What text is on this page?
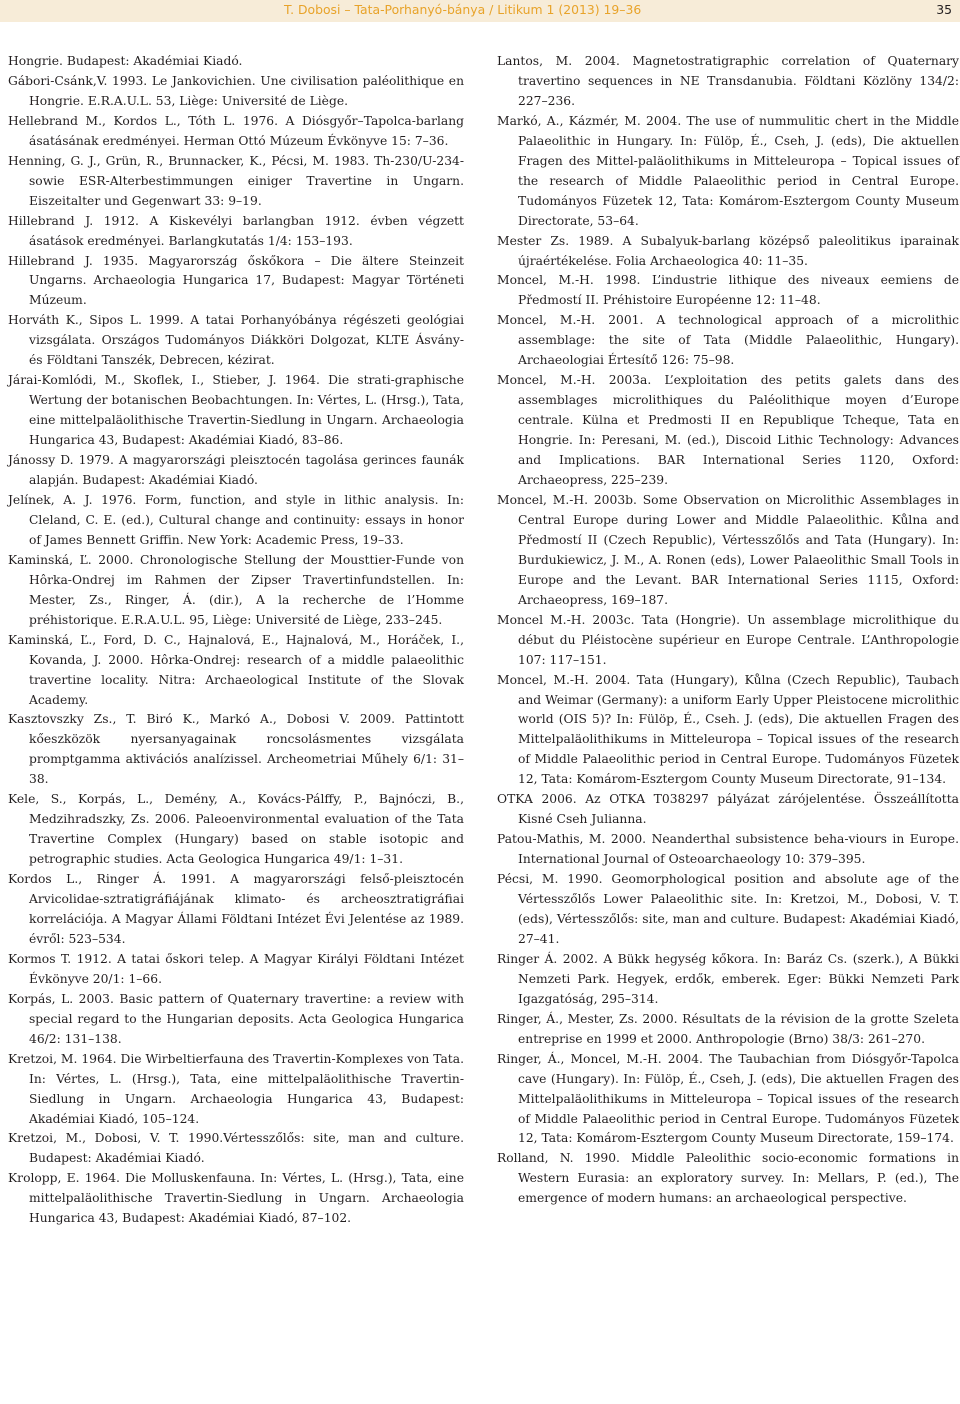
T. Dobosi – Tata-Porhanyó-bánya / Litikum 1 (2013) 19–36	35
Hongrie. Budapest: Akadémiai Kiadó.
Gábori-Csánk,V. 1993. Le Jankovichien. Une civilisation paléolithique en Hongrie. E.R.A.U.L. 53, Liège: Université de Liège.
Hellebrand M., Kordos L., Tóth L. 1976. A Diósgyőr–Tapolca-barlang ásatásának eredményei. Herman Ottó Múzeum Évkönyve 15: 7–36.
Henning, G. J., Grün, R., Brunnacker, K., Pécsi, M. 1983. Th-230/U-234- sowie ESR-Alterbestimmungen einiger Travertine in Ungarn. Eiszeitalter und Gegenwart 33: 9–19.
Hillebrand J. 1912. A Kiskevélyi barlangban 1912. évben végzett ásatások eredményei. Barlangkutatás 1/4: 153–193.
Hillebrand J. 1935. Magyarország őskőkora – Die ältere Steinzeit Ungarns. Archaeologia Hungarica 17, Budapest: Magyar Történeti Múzeum.
Horváth K., Sipos L. 1999. A tatai Porhanyóbánya régészeti geológiai vizsgálata. Országos Tudományos Diákköri Dolgozat, KLTE Ásvány- és Földtani Tanszék, Debrecen, kézirat.
Járai-Komlódi, M., Skoflek, I., Stieber, J. 1964. Die strati-graphische Wertung der botanischen Beobachtungen. In: Vértes, L. (Hrsg.), Tata, eine mittelpaläolithische Travertin-Siedlung in Ungarn. Archaeologia Hungarica 43, Budapest: Akadémiai Kiadó, 83–86.
Jánossy D. 1979. A magyarországi pleisztocén tagolása gerinces faunák alapján. Budapest: Akadémiai Kiadó.
Jelínek, A. J. 1976. Form, function, and style in lithic analysis. In: Cleland, C. E. (ed.), Cultural change and continuity: essays in honor of James Bennett Griffin. New York: Academic Press, 19–33.
Kaminská, Ľ. 2000. Chronologische Stellung der Mousttier-Funde von Hôrka-Ondrej im Rahmen der Zipser Travertinfundstellen. In: Mester, Zs., Ringer, Á. (dir.), A la recherche de l’Homme préhistorique. E.R.A.U.L. 95, Liège: Université de Liège, 233–245.
Kaminská, Ľ., Ford, D. C., Hajnalová, E., Hajnalová, M., Horáček, I., Kovanda, J. 2000. Hôrka-Ondrej: research of a middle palaeolithic travertine locality. Nitra: Archaeological Institute of the Slovak Academy.
Kasztovszky Zs., T. Biró K., Markó A., Dobosi V. 2009. Pattintott kőeszközök nyersanyagainak roncsolásmentes vizsgálata promptgamma aktivációs analízissel. Archeometriai Műhely 6/1: 31–38.
Kele, S., Korpás, L., Demény, A., Kovács-Pálffy, P., Bajnóczi, B., Medzihradszky, Zs. 2006. Paleoenvironmental evaluation of the Tata Travertine Complex (Hungary) based on stable isotopic and petrographic studies. Acta Geologica Hungarica 49/1: 1–31.
Kordos L., Ringer Á. 1991. A magyarországi felső-pleisztocén Arvicolidae-sztratigráfiájának klimato- és archeosztratigráfiai korrelációja. A Magyar Állami Földtani Intézet Évi Jelentése az 1989. évről: 523–534.
Kormos T. 1912. A tatai őskori telep. A Magyar Királyi Földtani Intézet Évkönyve 20/1: 1–66.
Korpás, L. 2003. Basic pattern of Quaternary travertine: a review with special regard to the Hungarian deposits. Acta Geologica Hungarica 46/2: 131–138.
Kretzoi, M. 1964. Die Wirbeltierfauna des Travertin-Komplexes von Tata. In: Vértes, L. (Hrsg.), Tata, eine mittelpaläolithische Travertin-Siedlung in Ungarn. Archaeologia Hungarica 43, Budapest: Akadémiai Kiadó, 105–124.
Kretzoi, M., Dobosi, V. T. 1990.Vértesszőlős: site, man and culture. Budapest: Akadémiai Kiadó.
Krolopp, E. 1964. Die Molluskenfauna. In: Vértes, L. (Hrsg.), Tata, eine mittelpaläolithische Travertin-Siedlung in Ungarn. Archaeologia Hungarica 43, Budapest: Akadémiai Kiadó, 87–102.
Lantos, M. 2004. Magnetostratigraphic correlation of Quaternary travertino sequences in NE Transdanubia. Földtani Közlöny 134/2: 227–236.
Markó, A., Kázmér, M. 2004. The use of nummulitic chert in the Middle Palaeolithic in Hungary. In: Fülöp, É., Cseh, J. (eds), Die aktuellen Fragen des Mittel-paläolithikums in Mitteleuropa – Topical issues of the research of Middle Palaeolithic period in Central Europe. Tudományos Füzetek 12, Tata: Komárom-Esztergom County Museum Directorate, 53–64.
Mester Zs. 1989. A Subalyuk-barlang középső paleolitikus iparainak újraértékelése. Folia Archaeologica 40: 11–35.
Moncel, M.-H. 1998. L’industrie lithique des niveaux eemiens de Předmostí II. Préhistoire Européenne 12: 11–48.
Moncel, M.-H. 2001. A technological approach of a microlithic assemblage: the site of Tata (Middle Palaeolithic, Hungary). Archaeologiai Értesítő 126: 75–98.
Moncel, M.-H. 2003a. L’exploitation des petits galets dans des assemblages microlithiques du Paléolithique moyen d’Europe centrale. Külna et Predmosti II en Republique Tcheque, Tata en Hongrie. In: Peresani, M. (ed.), Discoid Lithic Technology: Advances and Implications. BAR International Series 1120, Oxford: Archaeopress, 225–239.
Moncel, M.-H. 2003b. Some Observation on Microlithic Assemblages in Central Europe during Lower and Middle Palaeolithic. Kůlna and Předmostí II (Czech Republic), Vértesszőlős and Tata (Hungary). In: Burdukiewicz, J. M., A. Ronen (eds), Lower Palaeolithic Small Tools in Europe and the Levant. BAR International Series 1115, Oxford: Archaeopress, 169–187.
Moncel M.-H. 2003c. Tata (Hongrie). Un assemblage microlithique du début du Pléistocène supérieur en Europe Centrale. L’Anthropologie 107: 117–151.
Moncel, M.-H. 2004. Tata (Hungary), Kůlna (Czech Republic), Taubach and Weimar (Germany): a uniform Early Upper Pleistocene microlithic world (OIS 5)? In: Fülöp, É., Cseh. J. (eds), Die aktuellen Fragen des Mittelpaläolithikums in Mitteleuropa – Topical issues of the research of Middle Palaeolithic period in Central Europe. Tudományos Füzetek 12, Tata: Komárom-Esztergom County Museum Directorate, 91–134.
OTKA 2006. Az OTKA T038297 pályázat zárójelentése. Összeállította Kisné Cseh Julianna.
Patou-Mathis, M. 2000. Neanderthal subsistence beha-viours in Europe. International Journal of Osteoarchaeology 10: 379–395.
Pécsi, M. 1990. Geomorphological position and absolute age of the Vértesszőlős Lower Palaeolithic site. In: Kretzoi, M., Dobosi, V. T. (eds), Vértesszőlős: site, man and culture. Budapest: Akadémiai Kiadó, 27–41.
Ringer Á. 2002. A Bükk hegység kőkora. In: Baráz Cs. (szerk.), A Bükki Nemzeti Park. Hegyek, erdők, emberek. Eger: Bükki Nemzeti Park Igazgatóság, 295–314.
Ringer, Á., Mester, Zs. 2000. Résultats de la révision de la grotte Szeleta entreprise en 1999 et 2000. Anthropologie (Brno) 38/3: 261–270.
Ringer, Á., Moncel, M.-H. 2004. The Taubachian from Diósgyőr-Tapolca cave (Hungary). In: Fülöp, É., Cseh, J. (eds), Die aktuellen Fragen des Mittelpaläolithikums in Mitteleuropa – Topical issues of the research of Middle Palaeolithic period in Central Europe. Tudományos Füzetek 12, Tata: Komárom-Esztergom County Museum Directorate, 159–174.
Rolland, N. 1990. Middle Paleolithic socio-economic formations in Western Eurasia: an exploratory survey. In: Mellars, P. (ed.), The emergence of modern humans: an archaeological perspective.
